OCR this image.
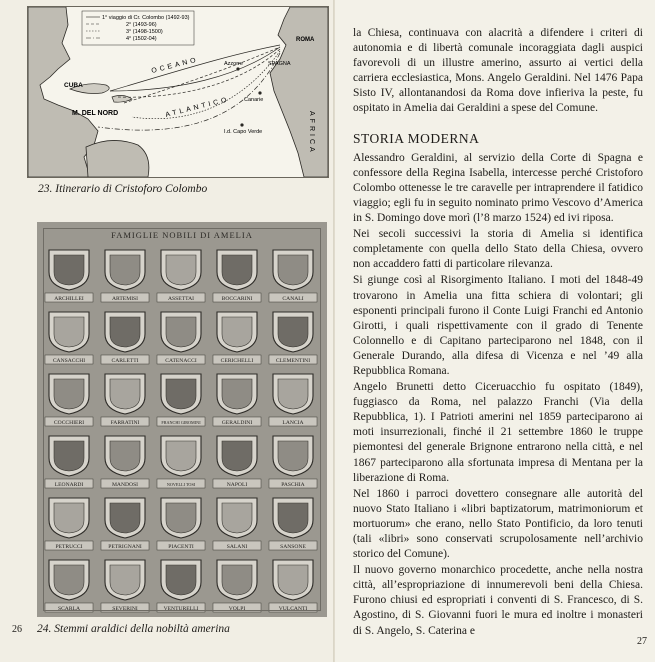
1° viaggio di Cr. Colombo (1492-93)
2° (1493-96)
3° (1498-1500)
4° (1502-04)
OCEANO
ATLANTICO
CUBA
M. DEL NORD
Azzorre	SPAGNA
ROMA
Canarie
I.d. Capo Verde	AFRICA
23. Itinerario di Cristoforo Colombo
FAMIGLIE NOBILI DI AMELIA
ARCHILLEI	ARTEMISI	ASSETTAI	BOCCARINI	CANALI
CANSACCHI	CARLETTI	CATENACCI	CERICHELLI	CLEMENTINI
COCCHIERI	FARRATINI	FRANCHI GIROMINI	GERALDINI	LANCIA
LEONARDI	MANDOSI	NOVELLI TOSI	NAPOLI	PASCHIA
PETRUCCI	PETRIGNANI	PIACENTI	SALANI	SANSONE
SCARLA	SEVERINI	VENTURELLI	VOLPI	VULCANTI
26 24. Stemmi araldici della nobiltà amerina

la Chiesa, continuava con alacrità a difendere i criteri di autonomia e di libertà comunale incoraggiata dagli auspici favorevoli di un illustre amerino, assurto ai vertici della carriera ecclesiastica, Mons. Angelo Geraldini. Nel 1476 Papa Sisto IV, allontanandosi da Roma dove infieriva la peste, fu ospitato in Amelia dai Geraldini a spese del Comune.

STORIA MODERNA

Alessandro Geraldini, al servizio della Corte di Spagna e confessore della Regina Isabella, intercesse perché Cristoforo Colombo ottenesse le tre caravelle per intraprendere il fatidico viaggio; egli fu in seguito nominato primo Vescovo d’America in S. Domingo dove morì (l’8 marzo 1524) ed ivi riposa.

Nei secoli successivi la storia di Amelia si identifica completamente con quella dello Stato della Chiesa, ovvero non accaddero fatti di particolare rilevanza.

Si giunge così al Risorgimento Italiano. I moti del 1848-49 trovarono in Amelia una fitta schiera di volontari; gli esponenti principali furono il Conte Luigi Franchi ed Antonio Girotti, i quali rispettivamente con il grado di Tenente Colonnello e di Capitano parteciparono nel 1848, con il Generale Durando, alla difesa di Vicenza e nel ’49 alla Repubblica Romana.

Angelo Brunetti detto Ciceruacchio fu ospitato (1849), fuggiasco da Roma, nel palazzo Franchi (Via della Repubblica, 1). I Patrioti amerini nel 1859 parteciparono ai moti insurrezionali, finché il 21 settembre 1860 le truppe piemontesi del generale Brignone entrarono nella città, e nel 1867 parteciparono alla sfortunata impresa di Mentana per la liberazione di Roma.

Nel 1860 i parroci dovettero consegnare alle autorità del nuovo Stato Italiano i «libri baptizatorum, matrimoniorum et mortuorum» che erano, nello Stato Pontificio, da loro tenuti (tali «libri» sono conservati scrupolosamente nell’archivio storico del Comune).

Il nuovo governo monarchico procedette, anche nella nostra città, all’espropriazione di innumerevoli beni della Chiesa. Furono chiusi ed espropriati i conventi di S. Francesco, di S. Agostino, di S. Giovanni fuori le mura ed inoltre i monasteri di S. Angelo, S. Caterina e

27
